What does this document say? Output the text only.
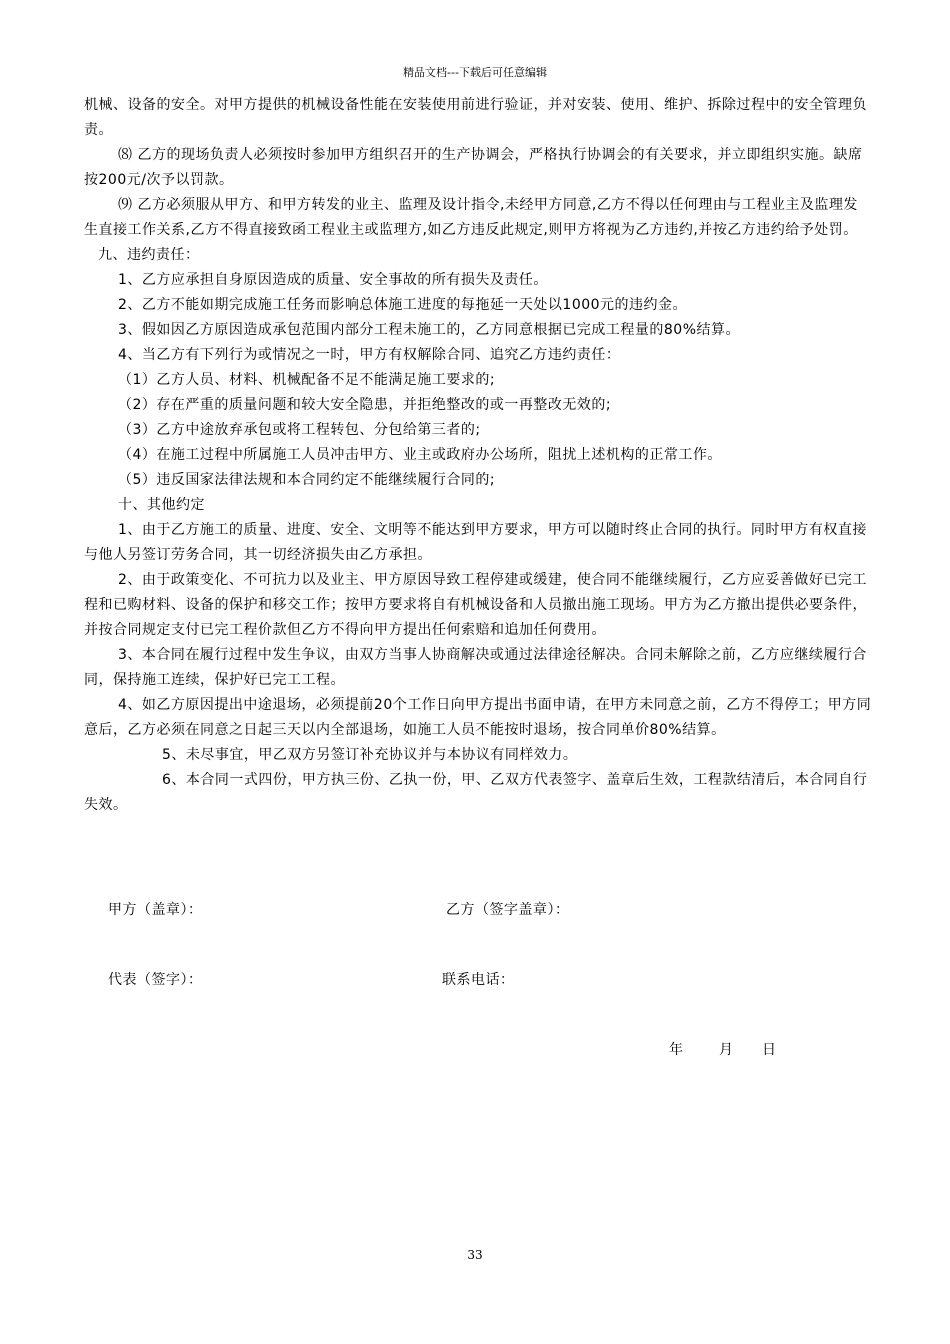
精品文档---下载后可任意编辑

机械、设备的安全。对甲方提供的机械设备性能在安装使用前进行验证，并对安装、使用、维护、拆除过程中的安全管理负责。

⑻ 乙方的现场负责人必须按时参加甲方组织召开的生产协调会，严格执行协调会的有关要求，并立即组织实施。缺席按200元/次予以罚款。

⑼ 乙方必须服从甲方、和甲方转发的业主、监理及设计指令,未经甲方同意,乙方不得以任何理由与工程业主及监理发生直接工作关系,乙方不得直接致函工程业主或监理方,如乙方违反此规定,则甲方将视为乙方违约,并按乙方违约给予处罚。

九、违约责任：

1、乙方应承担自身原因造成的质量、安全事故的所有损失及责任。

2、乙方不能如期完成施工任务而影响总体施工进度的每拖延一天处以1000元的违约金。

3、假如因乙方原因造成承包范围内部分工程未施工的，乙方同意根据已完成工程量的80%结算。

4、当乙方有下列行为或情况之一时，甲方有权解除合同、追究乙方违约责任：

（1）乙方人员、材料、机械配备不足不能满足施工要求的;

（2）存在严重的质量问题和较大安全隐患，并拒绝整改的或一再整改无效的;

（3）乙方中途放弃承包或将工程转包、分包给第三者的;

（4）在施工过程中所属施工人员冲击甲方、业主或政府办公场所，阻扰上述机构的正常工作。

（5）违反国家法律法规和本合同约定不能继续履行合同的;

十、其他约定

1、由于乙方施工的质量、进度、安全、文明等不能达到甲方要求，甲方可以随时终止合同的执行。同时甲方有权直接与他人另签订劳务合同，其一切经济损失由乙方承担。

2、由于政策变化、不可抗力以及业主、甲方原因导致工程停建或缓建，使合同不能继续履行，乙方应妥善做好已完工程和已购材料、设备的保护和移交工作；按甲方要求将自有机械设备和人员撤出施工现场。甲方为乙方撤出提供必要条件，并按合同规定支付已完工程价款但乙方不得向甲方提出任何索赔和追加任何费用。

3、本合同在履行过程中发生争议，由双方当事人协商解决或通过法律途径解决。合同未解除之前，乙方应继续履行合同，保持施工连续，保护好已完工工程。

4、如乙方原因提出中途退场，必须提前20个工作日向甲方提出书面申请，在甲方未同意之前，乙方不得停工；甲方同意后，乙方必须在同意之日起三天以内全部退场，如施工人员不能按时退场，按合同单价80%结算。

5、未尽事宜，甲乙双方另签订补充协议并与本协议有同样效力。

6、本合同一式四份，甲方执三份、乙执一份，甲、乙双方代表签字、盖章后生效，工程款结清后，本合同自行失效。

甲方（盖章）：	乙方（签字盖章）：
代表（签字）：	联系电话：
年	月 日
33
